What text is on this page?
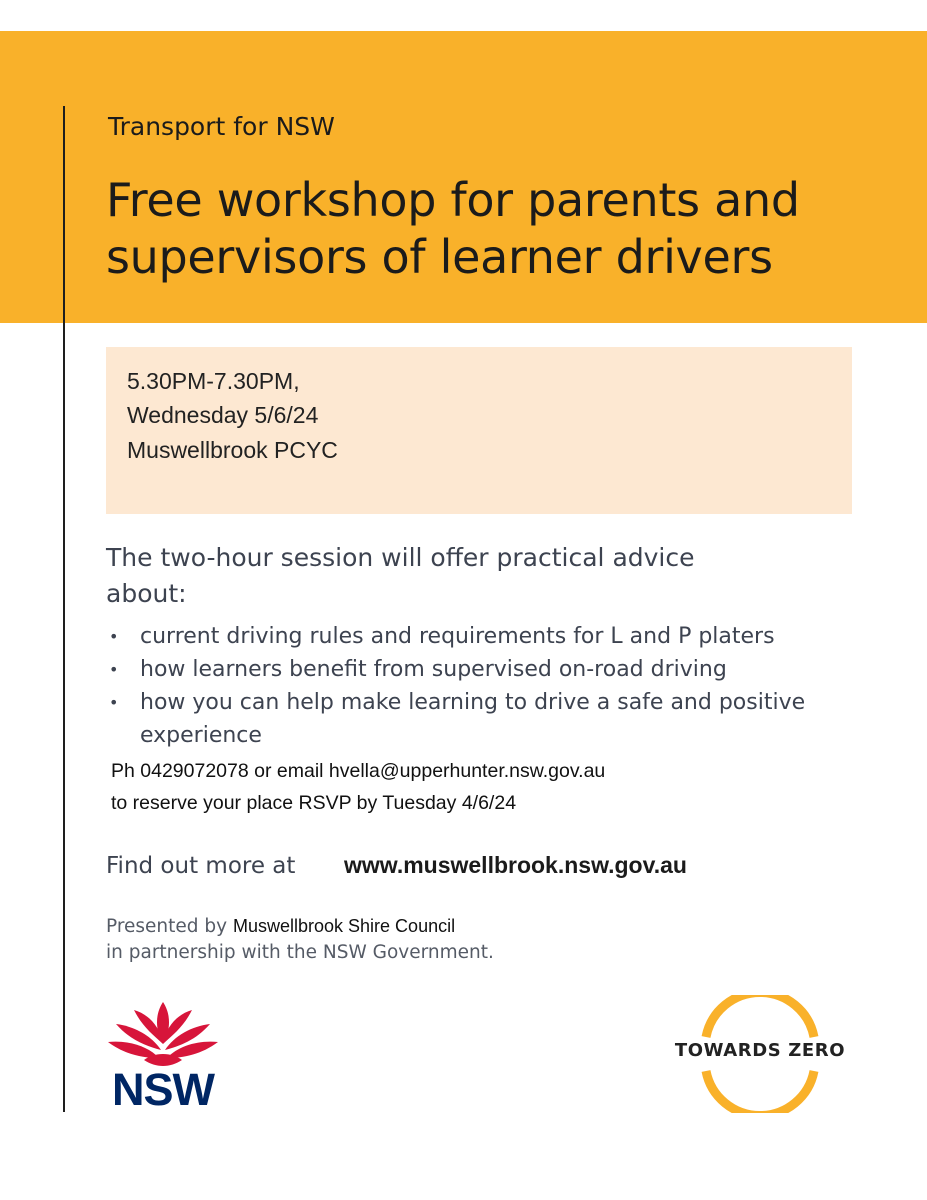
Transport for NSW
Free workshop for parents and
supervisors of learner drivers
5.30PM-7.30PM,
Wednesday 5/6/24
Muswellbrook PCYC

The two-hour session will offer practical advice
about:

• current driving rules and requirements for L and P platers
• how learners benefit from supervised on-road driving
• how you can help make learning to drive a safe and positive experience
Ph 0429072078 or email hvella@upperhunter.nsw.gov.au
to reserve your place RSVP by Tuesday 4/6/24
Find out more at www.muswellbrook.nsw.gov.au
Presented by Muswellbrook Shire Council
in partnership with the NSW Government.
NSW
TOWARDS ZERO
